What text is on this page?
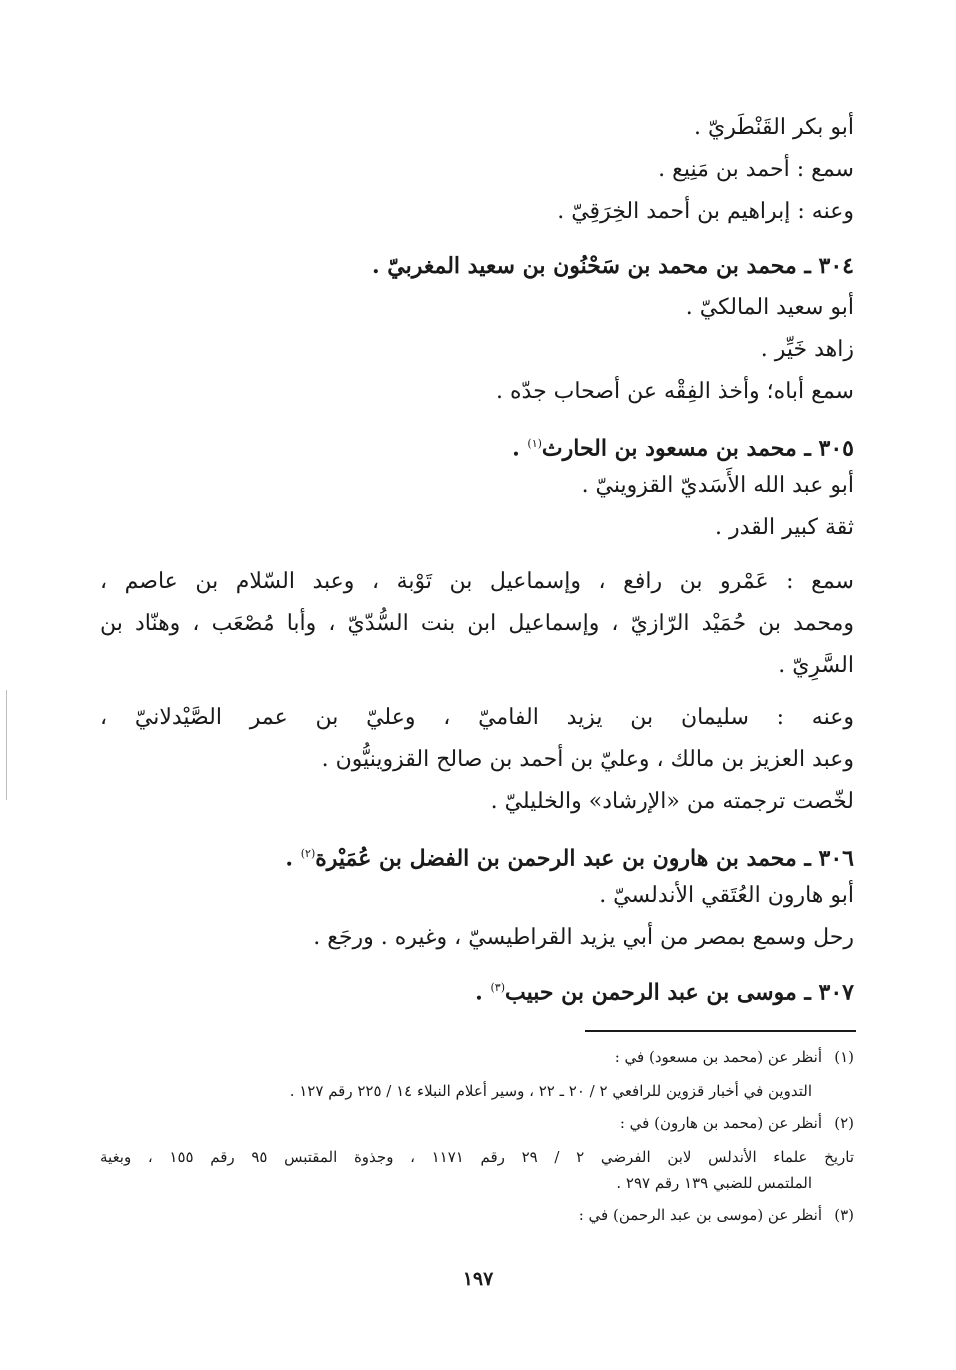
أبو بكر القَنْطَريّ .
سمع : أحمد بن مَنِيع .
وعنه : إبراهيم بن أحمد الخِرَقِيّ .
٣٠٤ ـ محمد بن محمد بن سَحْنُون بن سعيد المغربيّ .
أبو سعيد المالكيّ .
زاهد خَيِّر .
سمع أباه؛ وأخذ الفِقْه عن أصحاب جدّه .
٣٠٥ ـ محمد بن مسعود بن الحارث$^{(١)}$ .
أبو عبد الله الأَسَديّ القزوينيّ .
ثقة كبير القدر .
سمع : عَمْرو بن رافع ، وإسماعيل بن تَوْبة ، وعبد السّلام بن عاصم ،
ومحمد بن حُمَيْد الرّازيّ ، وإسماعيل ابن بنت السُّدّيّ ، وأبا مُصْعَب ، وهنّاد بن
السَّرِيّ .
وعنه : سليمان بن يزيد الفاميّ ، وعليّ بن عمر الصَّيْدلانيّ ،
وعبد العزيز بن مالك ، وعليّ بن أحمد بن صالح القزوينيُّون .
لخّصت ترجمته من «الإرشاد» والخليليّ .
٣٠٦ ـ محمد بن هارون بن عبد الرحمن بن الفضل بن عُمَيْرة$^{(٢)}$ .
أبو هارون العُتَقي الأندلسيّ .
رحل وسمع بمصر من أبي يزيد القراطيسيّ ، وغيره . ورجَع .
٣٠٧ ـ موسى بن عبد الرحمن بن حبيب$^{(٣)}$ .
(١)أنظر عن (محمد بن مسعود) في :
التدوين في أخبار قزوين للرافعي ٢ / ٢٠ ـ ٢٢ ، وسير أعلام النبلاء ١٤ / ٢٢٥ رقم ١٢٧ .
(٢)أنظر عن (محمد بن هارون) في :
تاريخ علماء الأندلس لابن الفرضي ٢ / ٢٩ رقم ١١٧١ ، وجذوة المقتبس ٩٥ رقم ١٥٥ ، وبغية
الملتمس للضبي ١٣٩ رقم ٢٩٧ .
(٣)أنظر عن (موسى بن عبد الرحمن) في :
١٩٧
